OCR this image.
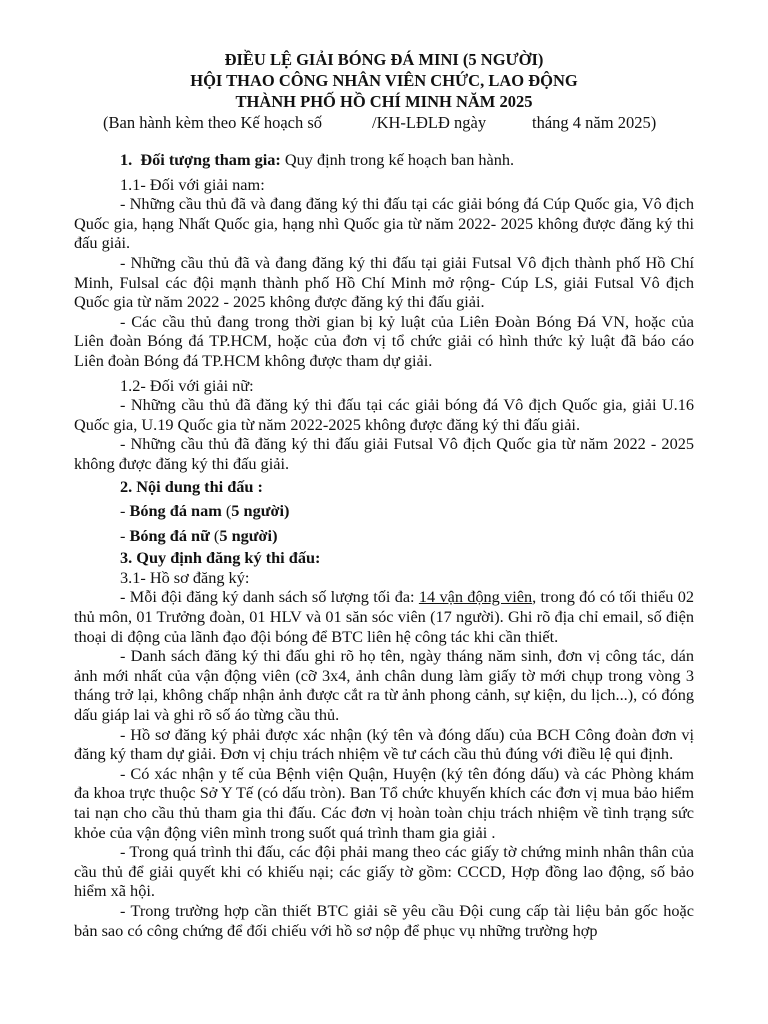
ĐIỀU LỆ GIẢI BÓNG ĐÁ MINI (5 NGƯỜI)
HỘI THAO CÔNG NHÂN VIÊN CHỨC, LAO ĐỘNG
THÀNH PHỐ HỒ CHÍ MINH NĂM 2025
(Ban hành kèm theo Kế hoạch số	/KH-LĐLĐ ngày	tháng 4 năm 2025)

1. Đối tượng tham gia: Quy định trong kế hoạch ban hành.

1.1- Đối với giải nam:

- Những cầu thủ đã và đang đăng ký thi đấu tại các giải bóng đá Cúp Quốc gia, Vô địch Quốc gia, hạng Nhất Quốc gia, hạng nhì Quốc gia từ năm 2022- 2025 không được đăng ký thi đấu giải.

- Những cầu thủ đã và đang đăng ký thi đấu tại giải Futsal Vô địch thành phố Hồ Chí Minh, Fulsal các đội mạnh thành phố Hồ Chí Minh mở rộng- Cúp LS, giải Futsal Vô địch Quốc gia từ năm 2022 - 2025 không được đăng ký thi đấu giải.

- Các cầu thủ đang trong thời gian bị kỷ luật của Liên Đoàn Bóng Đá VN, hoặc của Liên đoàn Bóng đá TP.HCM, hoặc của đơn vị tổ chức giải có hình thức kỷ luật đã báo cáo Liên đoàn Bóng đá TP.HCM không được tham dự giải.

1.2- Đối với giải nữ:

- Những cầu thủ đã đăng ký thi đấu tại các giải bóng đá Vô địch Quốc gia, giải U.16 Quốc gia, U.19 Quốc gia từ năm 2022-2025 không được đăng ký thi đấu giải.

- Những cầu thủ đã đăng ký thi đấu giải Futsal Vô địch Quốc gia từ năm 2022 - 2025 không được đăng ký thi đấu giải.

2. Nội dung thi đấu :

- Bóng đá nam (5 người)

- Bóng đá nữ (5 người)

3. Quy định đăng ký thi đấu:

3.1- Hồ sơ đăng ký:

- Mỗi đội đăng ký danh sách số lượng tối đa: 14 vận động viên, trong đó có tối thiểu 02 thủ môn, 01 Trưởng đoàn, 01 HLV và 01 săn sóc viên (17 người). Ghi rõ địa chỉ email, số điện thoại di động của lãnh đạo đội bóng để BTC liên hệ công tác khi cần thiết.

- Danh sách đăng ký thi đấu ghi rõ họ tên, ngày tháng năm sinh, đơn vị công tác, dán ảnh mới nhất của vận động viên (cỡ 3x4, ảnh chân dung làm giấy tờ mới chụp trong vòng 3 tháng trở lại, không chấp nhận ảnh được cắt ra từ ảnh phong cảnh, sự kiện, du lịch...), có đóng dấu giáp lai và ghi rõ số áo từng cầu thủ.

- Hồ sơ đăng ký phải được xác nhận (ký tên và đóng dấu) của BCH Công đoàn đơn vị đăng ký tham dự giải. Đơn vị chịu trách nhiệm về tư cách cầu thủ đúng với điều lệ qui định.

- Có xác nhận y tế của Bệnh viện Quận, Huyện (ký tên đóng dấu) và các Phòng khám đa khoa trực thuộc Sở Y Tế (có dấu tròn). Ban Tổ chức khuyến khích các đơn vị mua bảo hiểm tai nạn cho cầu thủ tham gia thi đấu. Các đơn vị hoàn toàn chịu trách nhiệm về tình trạng sức khỏe của vận động viên mình trong suốt quá trình tham gia giải .

- Trong quá trình thi đấu, các đội phải mang theo các giấy tờ chứng minh nhân thân của cầu thủ để giải quyết khi có khiếu nại; các giấy tờ gồm: CCCD, Hợp đồng lao động, số bảo hiểm xã hội.

- Trong trường hợp cần thiết BTC giải sẽ yêu cầu Đội cung cấp tài liệu bản gốc hoặc bản sao có công chứng để đối chiếu với hồ sơ nộp để phục vụ những trường hợp
